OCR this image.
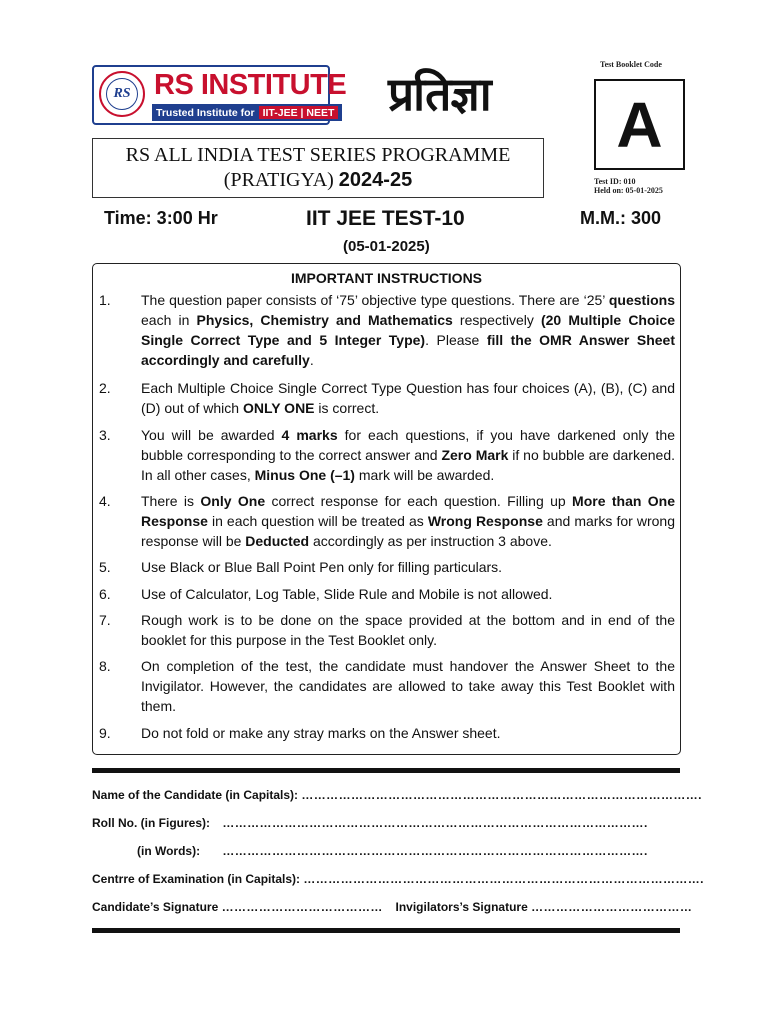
RS RS INSTITUTE
Trusted Institute for IIT-JEE | NEET प्रतिज्ञा
Test Booklet Code
A
Test ID: 010
Held on: 05-01-2025
RS ALL INDIA TEST SERIES PROGRAMME
(PRATIGYA) 2024-25
Time: 3:00 Hr	IIT JEE TEST-10
(05-01-2025)
M.M.: 300
IMPORTANT INSTRUCTIONS
1. The question paper consists of ‘75’ objective type questions. There are ‘25’ questions each in Physics, Chemistry and Mathematics respectively (20 Multiple Choice Single Correct Type and 5 Integer Type). Please fill the OMR Answer Sheet accordingly and carefully.
2. Each Multiple Choice Single Correct Type Question has four choices (A), (B), (C) and (D) out of which ONLY ONE is correct.
3. You will be awarded 4 marks for each questions, if you have darkened only the bubble corresponding to the correct answer and Zero Mark if no bubble are darkened. In all other cases, Minus One (–1) mark will be awarded.
4. There is Only One correct response for each question. Filling up More than One Response in each question will be treated as Wrong Response and marks for wrong response will be Deducted accordingly as per instruction 3 above.
5. Use Black or Blue Ball Point Pen only for filling particulars.
6. Use of Calculator, Log Table, Slide Rule and Mobile is not allowed.
7. Rough work is to be done on the space provided at the bottom and in end of the booklet for this purpose in the Test Booklet only.
8. On completion of the test, the candidate must handover the Answer Sheet to the Invigilator. However, the candidates are allowed to take away this Test Booklet with them.
9. Do not fold or make any stray marks on the Answer sheet.
Name of the Candidate (in Capitals): …………………………………………………………………………………….
Roll No. (in Figures): ………………………………………………………………………………………….
(in Words): ………………………………………………………………………………………….
Centrre of Examination (in Capitals): …………………………………………………………………………………….
Candidate’s Signature ………………………………… Invigilators’s Signature …………………………………
